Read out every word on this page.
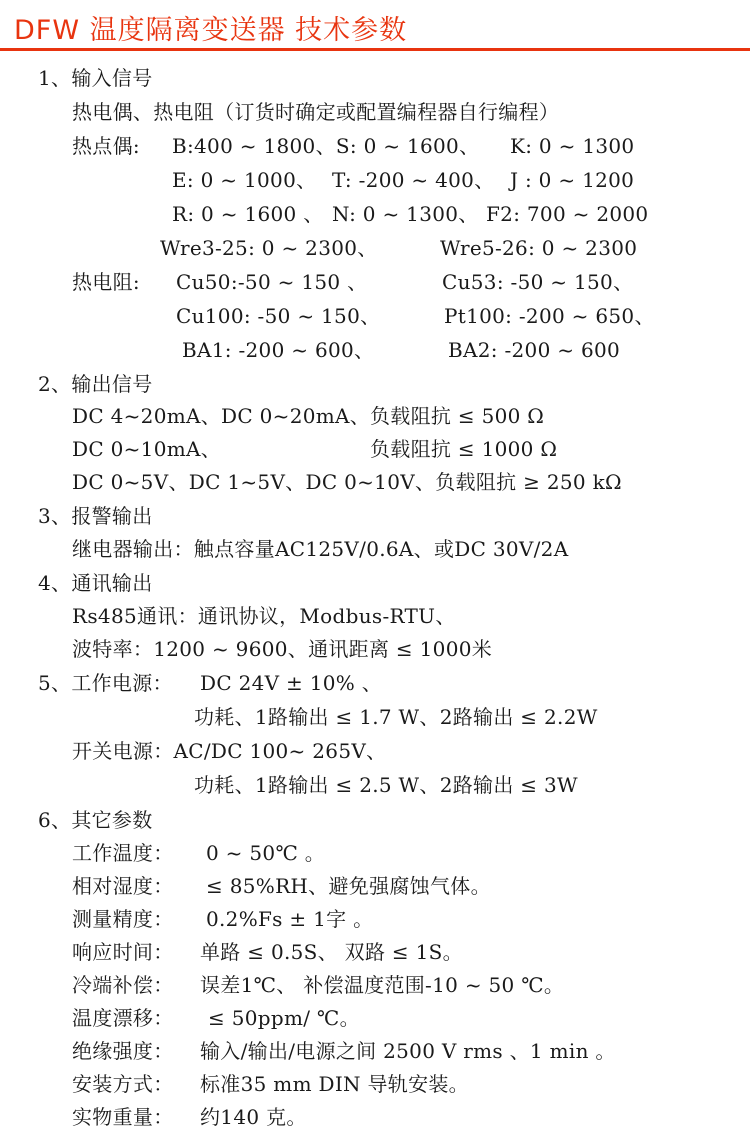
DFW 温度隔离变送器 技术参数
1、输入信号
热电偶、热电阻（订货时确定或配置编程器自行编程）
热点偶: B:400 ~ 1800、S: 0 ~ 1600、 K: 0 ~ 1300
E: 0 ~ 1000、 T: -200 ~ 400、 J : 0 ~ 1200
R: 0 ~ 1600 、 N: 0 ~ 1300、 F2: 700 ~ 2000
Wre3-25: 0 ~ 2300、	Wre5-26: 0 ~ 2300
热电阻: Cu50:-50 ~ 150 、	Cu53: -50 ~ 150、
Cu100: -50 ~ 150、	Pt100: -200 ~ 650、
BA1: -200 ~ 600、	BA2: -200 ~ 600
2、输出信号
DC 4~20mA、DC 0~20mA、 负载阻抗 ≤ 500 Ω
DC 0~10mA、	负载阻抗 ≤ 1000 Ω
DC 0~5V、DC 1~5V、DC 0~10V、负载阻抗 ≥ 250 kΩ
3、报警输出
继电器输出：触点容量AC125V/0.6A、或DC 30V/2A
4、通讯输出
Rs485通讯：通讯协议，Modbus-RTU、
波特率：1200 ~ 9600、通讯距离 ≤ 1000米
5、工作电源： DC 24V ± 10% 、
功耗、1路输出 ≤ 1.7 W、2路输出 ≤ 2.2W
开关电源：AC/DC 100~ 265V、
功耗、1路输出 ≤ 2.5 W、2路输出 ≤ 3W
6、其它参数
工作温度： 0 ~ 50℃ 。
相对湿度： ≤ 85%RH、避免强腐蚀气体。
测量精度： 0.2%Fs ± 1字 。
响应时间： 单路 ≤ 0.5S、 双路 ≤ 1S。
冷端补偿： 误差1℃、 补偿温度范围-10 ~ 50 ℃。
温度漂移： ≤ 50ppm/ ℃。
绝缘强度： 输入/输出/电源之间 2500 V rms 、1 min 。
安装方式： 标准35 mm DIN 导轨安装。
实物重量： 约140 克。
